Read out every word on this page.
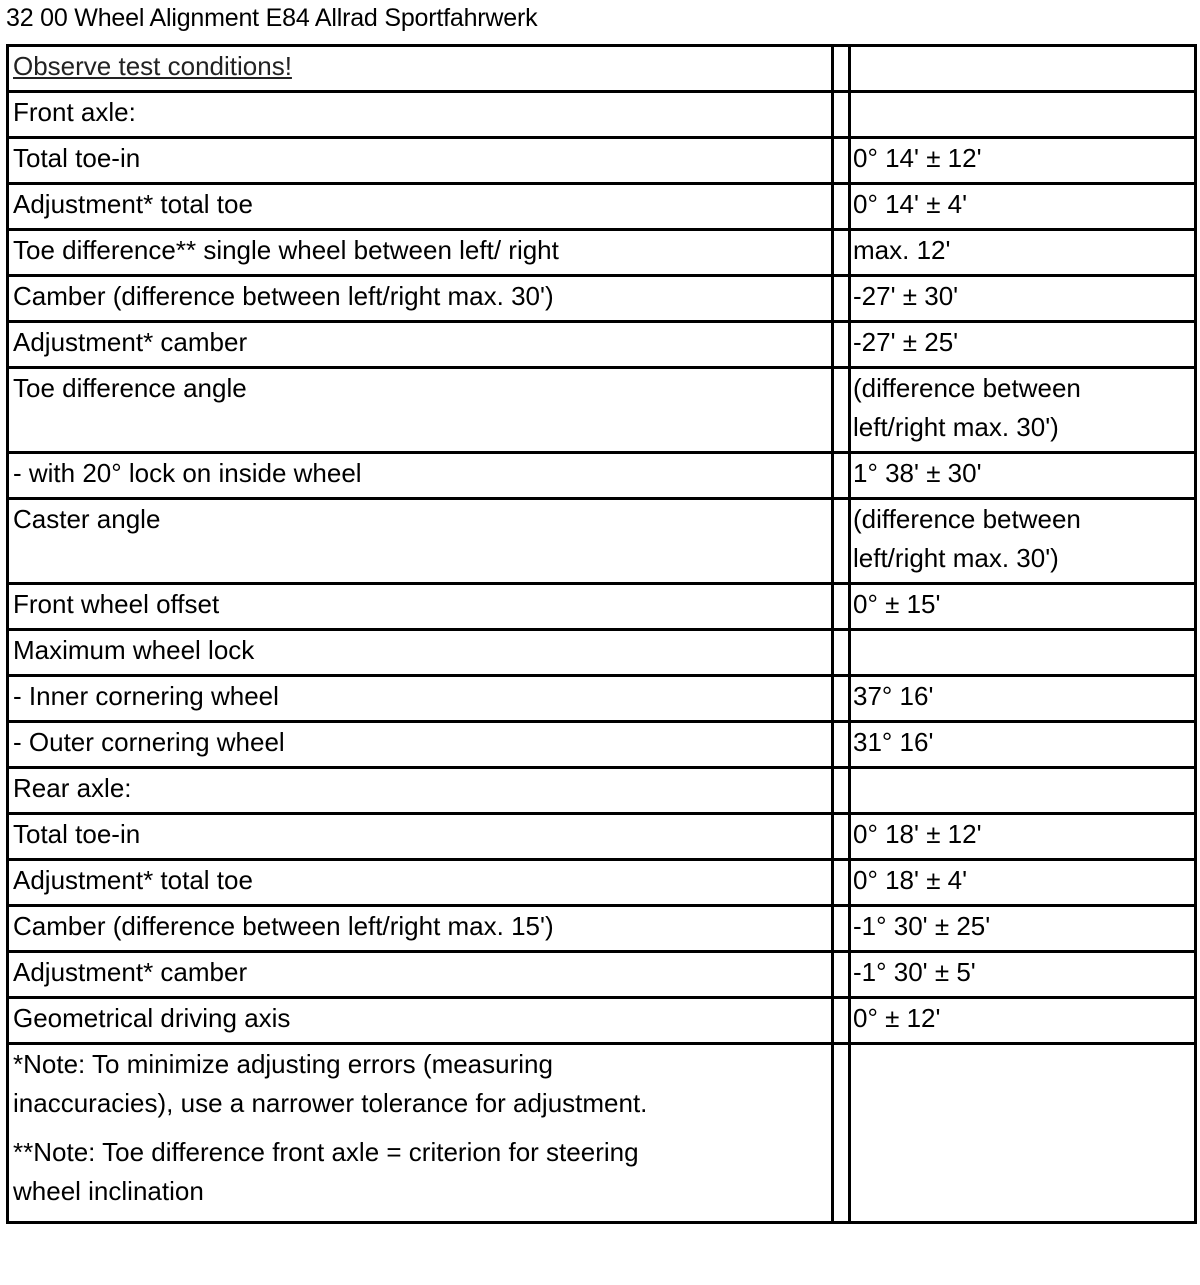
32 00 Wheel Alignment E84 Allrad Sportfahrwerk
Observe test conditions!		

Front axle:		
Total toe-in		0° 14' ± 12'
Adjustment* total toe		0° 14' ± 4'
Toe difference** single wheel between left/ right		max. 12'
Camber (difference between left/right max. 30')		-27' ± 30'
Adjustment* camber		-27' ± 25'
Toe difference angle		(difference between
left/right max. 30')

- with 20° lock on inside wheel		1° 38' ± 30'
Caster angle		(difference between
left/right max. 30')

Front wheel offset		0° ± 15'
Maximum wheel lock		
- Inner cornering wheel		37° 16'
- Outer cornering wheel		31° 16'
Rear axle:		
Total toe-in		0° 18' ± 12'
Adjustment* total toe		0° 18' ± 4'
Camber (difference between left/right max. 15')		-1° 30' ± 25'
Adjustment* camber		-1° 30' ± 5'
Geometrical driving axis		0° ± 12'

*Note: To minimize adjusting errors (measuring
inaccuracies), use a narrower tolerance for adjustment.
**Note: Toe difference front axle = criterion for steering
wheel inclination		
